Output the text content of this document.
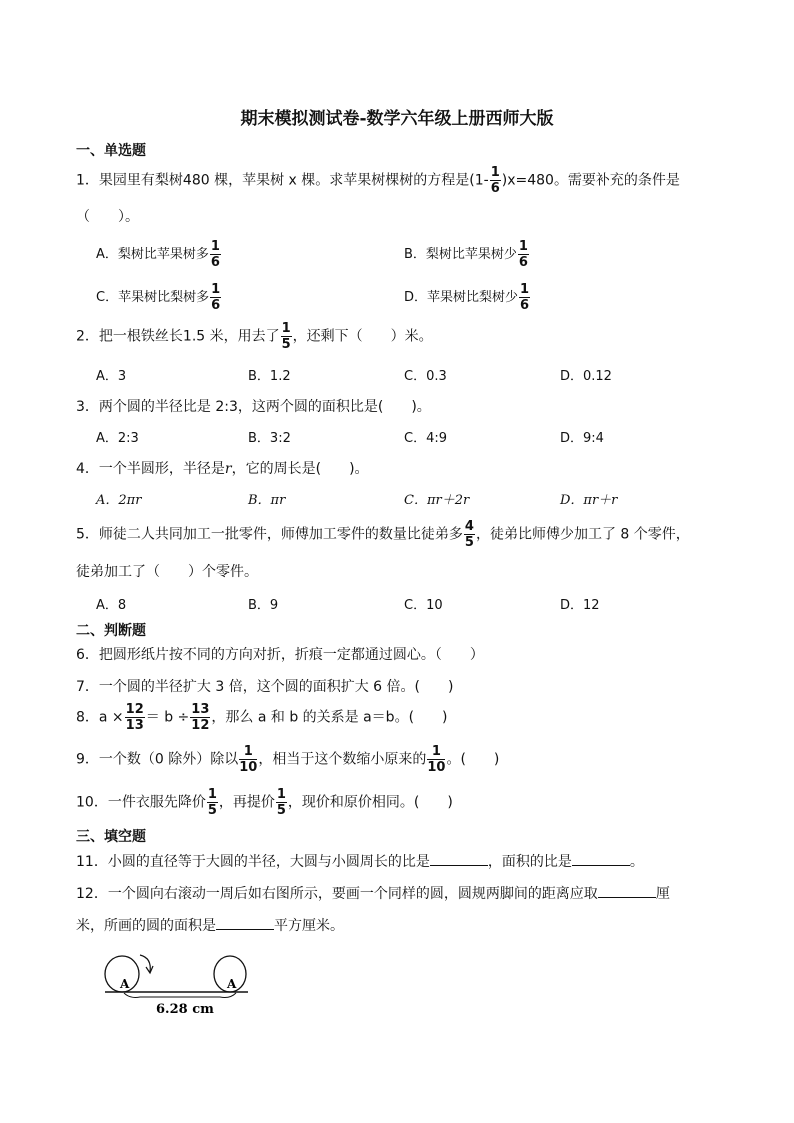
期末模拟测试卷-数学六年级上册西师大版
一、单选题
1．果园里有梨树480 棵，苹果树 x 棵。求苹果树棵树的方程是$(1- \frac{1}{6} )x=480$。需要补充的条件是
（　　）。
A．梨树比苹果树多 $\frac{1}{6}$	B．梨树比苹果树少 $\frac{1}{6}$
C．苹果树比梨树多 $\frac{1}{6}$	D．苹果树比梨树少 $\frac{1}{6}$
2．把一根铁丝长1.5 米，用去了 $\frac{1}{5}$ ，还剩下（　　）米。
A．3	B．1.2	C．0.3	D．0.12
3．两个圆的半径比是 2:3，这两个圆的面积比是(　　)。
A．2:3	B．3:2	C．4:9	D．9:4
4．一个半圆形，半径是r，它的周长是(　　)。
A．2πr	B．πr	C．πr＋2r	D．πr＋r
5．师徒二人共同加工一批零件，师傅加工零件的数量比徒弟多 $\frac{4}{5}$ ，徒弟比师傅少加工了 8 个零件，
徒弟加工了（　　）个零件。
A．8	B．9	C．10	D．12
二、判断题
6．把圆形纸片按不同的方向对折，折痕一定都通过圆心。（　　）
7．一个圆的半径扩大 3 倍，这个圆的面积扩大 6 倍。(　　)
8．$a \times \frac{12}{13} = b \div \frac{13}{12}$ ，那么 a 和 b 的关系是 a＝b。(　　)
9．一个数（0 除外）除以 $\frac{1}{10}$ ，相当于这个数缩小原来的 $\frac{1}{10}$ 。(　　)
10．一件衣服先降价 $\frac{1}{5}$ ，再提价 $\frac{1}{5}$ ，现价和原价相同。(　　)
三、填空题
11．小圆的直径等于大圆的半径，大圆与小圆周长的比是	，面积的比是	。
12．一个圆向右滚动一周后如右图所示，要画一个同样的圆，圆规两脚间的距离应取	厘
米，所画的圆的面积是	平方厘米。
A	A
6.28 cm
